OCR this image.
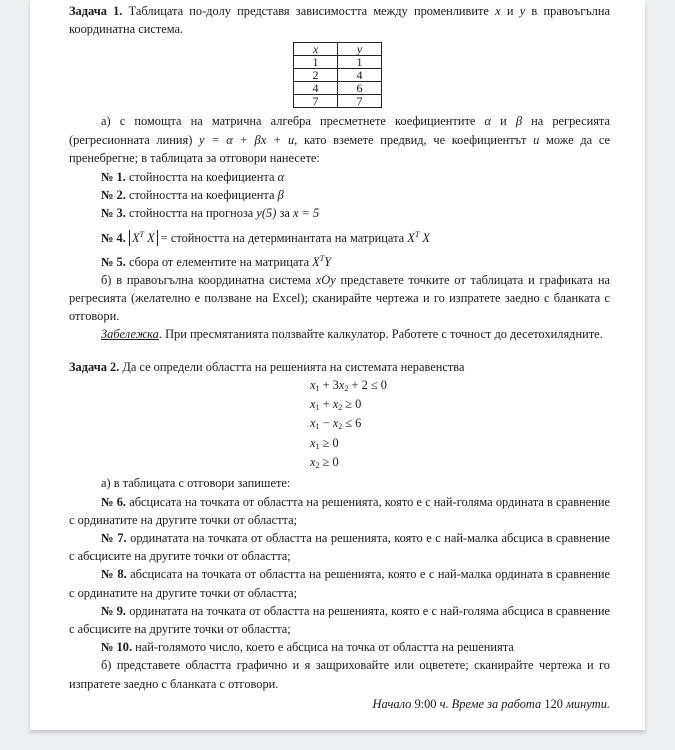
Задача 1. Таблицата по-долу представя зависимостта между променливите x и y в правоъгълна координатна система.

x	y
1	1
2	4
4	6
7	7

а) с помощта на матрична алгебра пресметнете коефициентите α и β на регресията (регресионната линия) y = α + βx + u, като вземете предвид, че коефициентът u може да се пренебрегне; в таблицата за отговори нанесете:

№ 1. стойността на коефициента α

№ 2. стойността на коефициента β

№ 3. стойността на прогноза y(5) за x = 5

№ 4. $X^T$ X = стойността на детерминантата на матрицата $X^T$ X

№ 5. сбора от елементите на матрицата $X^TY$

б) в правоъгълна координатна система xOy представете точките от таблицата и графиката на регресията (желателно е ползване на Excel); сканирайте чертежа и го изпратете заедно с бланката с отговори.

Забележка. При пресмятанията ползвайте калкулатор. Работете с точност до десетохилядните.

Задача 2. Да се определи областта на решенията на системата неравенства

$x_1 + 3x_2 + 2 \le 0$
$x_1 + x_2 \ge 0$
$x_1 - x_2 \le 6$
$x_1 \ge 0$
$x_2 \ge 0$

а) в таблицата с отговори запишете:

№ 6. абсцисата на точката от областта на решенията, която е с най-голяма ордината в сравнение с ординатите на другите точки от областта;

№ 7. ординатата на точката от областта на решенията, която е с най-малка абсциса в сравнение с абсцисите на другите точки от областта;

№ 8. абсцисата на точката от областта на решенията, която е с най-малка ордината в сравнение с ординатите на другите точки от областта;

№ 9. ординатата на точката от областта на решенията, която е с най-голяма абсциса в сравнение с абсцисите на другите точки от областта;

№ 10. най-голямото число, което е абсциса на точка от областта на решенията

б) представете областта графично и я защриховайте или оцветете; сканирайте чертежа и го изпратете заедно с бланката с отговори.

Начало 9:00 ч. Време за работа 120 минути.
